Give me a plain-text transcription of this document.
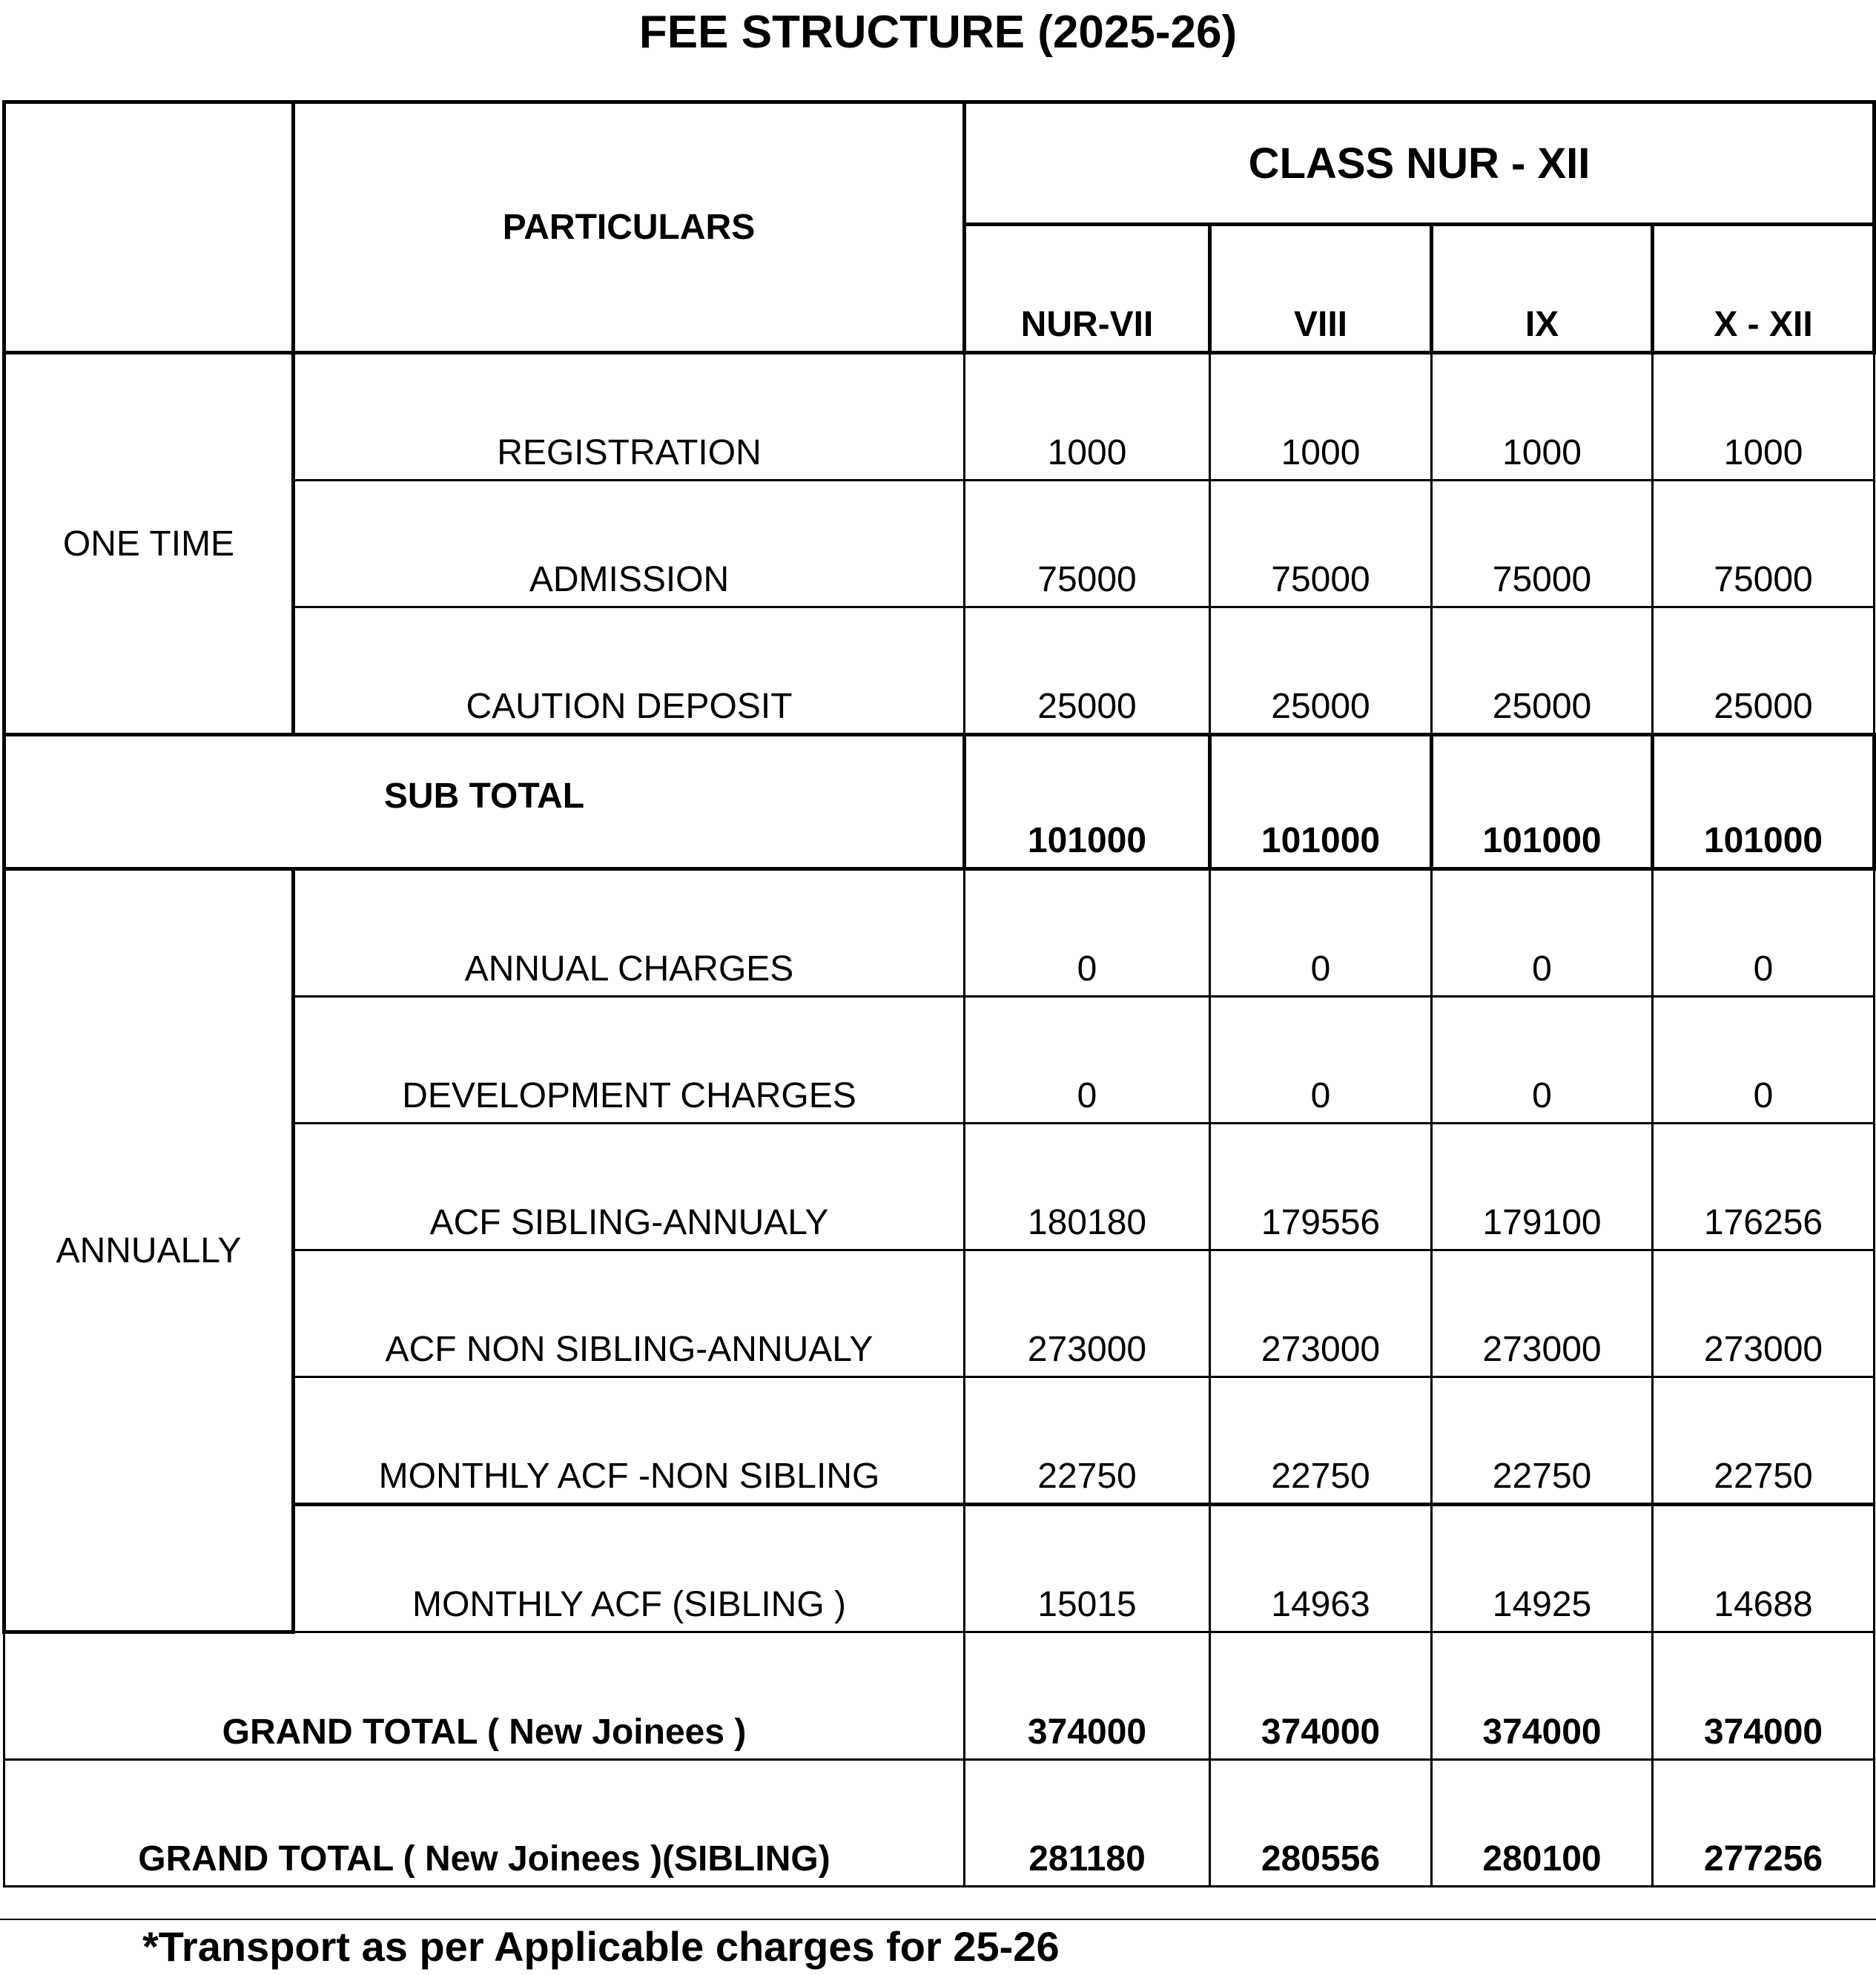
FEE STRUCTURE (2025-26)
	PARTICULARS	CLASS NUR - XII			
		NUR-VII	VIII	IX	X - XII
ONE TIME	REGISTRATION	1000	1000	1000	1000
	ADMISSION	75000	75000	75000	75000
	CAUTION DEPOSIT	25000	25000	25000	25000
SUB TOTAL		101000	101000	101000	101000
ANNUALLY	ANNUAL CHARGES	0	0	0	0
	DEVELOPMENT CHARGES	0	0	0	0
	ACF SIBLING-ANNUALY	180180	179556	179100	176256
	ACF NON SIBLING-ANNUALY	273000	273000	273000	273000
	MONTHLY ACF -NON SIBLING	22750	22750	22750	22750
	MONTHLY ACF (SIBLING )	15015	14963	14925	14688
GRAND TOTAL ( New Joinees )		374000	374000	374000	374000
GRAND TOTAL ( New Joinees )(SIBLING)		281180	280556	280100	277256
*Transport as per Applicable charges for 25-26
